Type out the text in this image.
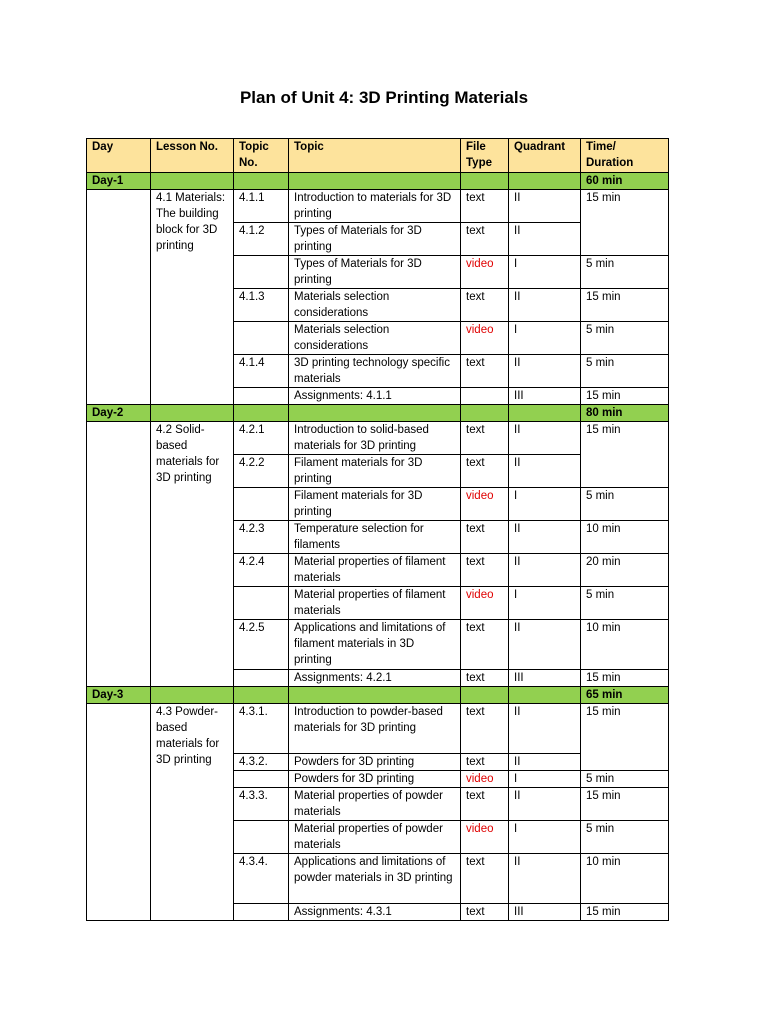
Plan of Unit 4: 3D Printing Materials
Day	Lesson No.	Topic No.	Topic	File Type	Quadrant	Time/ Duration
Day-1						60 min
	4.1 Materials: The building block for 3D printing	4.1.1	Introduction to materials for 3D printing	text	II	15 min
		4.1.2	Types of Materials for 3D printing	text	II	
			Types of Materials for 3D printing	video	I	5 min
		4.1.3	Materials selection considerations	text	II	15 min
			Materials selection considerations	video	I	5 min
		4.1.4	3D printing technology specific materials	text	II	5 min
			Assignments: 4.1.1		III	15 min
Day-2						80 min
	4.2 Solid-based materials for 3D printing	4.2.1	Introduction to solid-based materials for 3D printing	text	II	15 min
		4.2.2	Filament materials for 3D printing	text	II	
			Filament materials for 3D printing	video	I	5 min
		4.2.3	Temperature selection for filaments	text	II	10 min
		4.2.4	Material properties of filament materials	text	II	20 min
			Material properties of filament materials	video	I	5 min
		4.2.5	Applications and limitations of filament materials in 3D printing	text	II	10 min
			Assignments: 4.2.1	text	III	15 min
Day-3						65 min
	4.3 Powder-based materials for 3D printing	4.3.1.	Introduction to powder-based materials for 3D printing	text	II	15 min
		4.3.2.	Powders for 3D printing	text	II	
			Powders for 3D printing	video	I	5 min
		4.3.3.	Material properties of powder materials	text	II	15 min
			Material properties of powder materials	video	I	5 min
		4.3.4.	Applications and limitations of powder materials in 3D printing	text	II	10 min
			Assignments: 4.3.1	text	III	15 min
